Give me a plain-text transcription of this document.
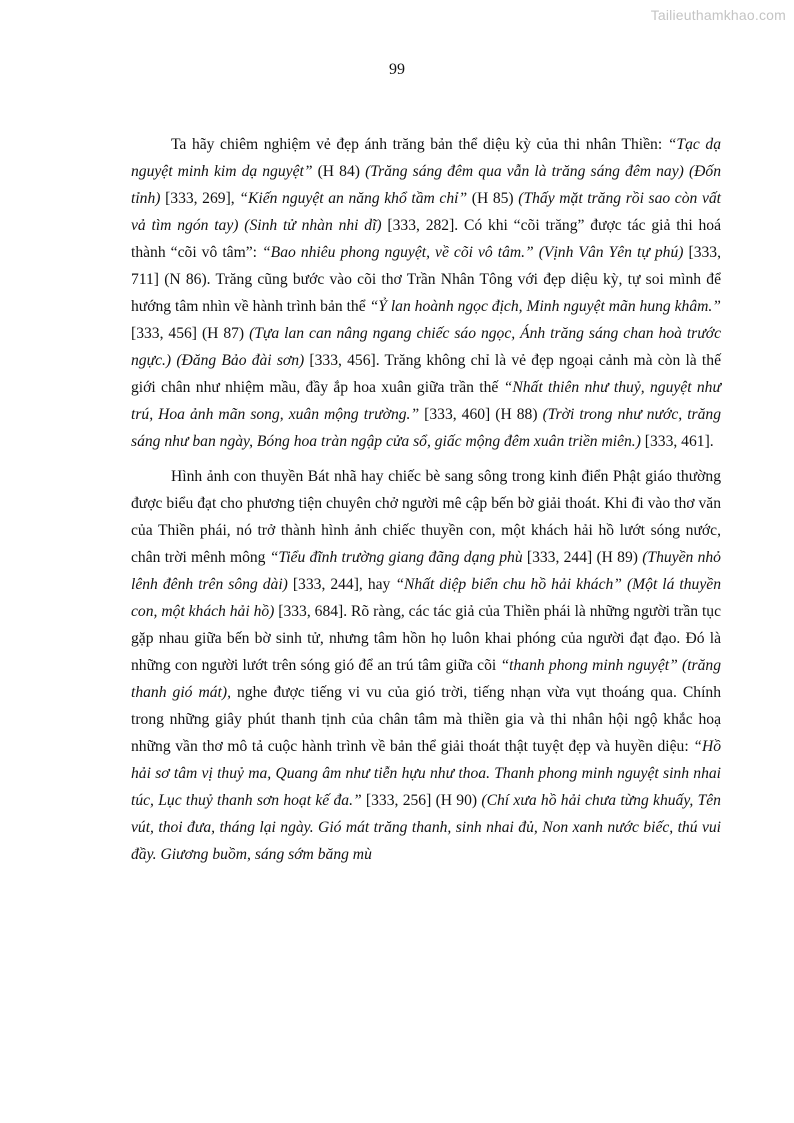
Tailieuthamkhao.com
99

Ta hãy chiêm nghiệm vẻ đẹp ánh trăng bản thể diệu kỳ của thi nhân Thiền: “Tạc dạ nguyệt minh kim dạ nguyệt” (H 84) (Trăng sáng đêm qua vẫn là trăng sáng đêm nay) (Đốn tỉnh) [333, 269], “Kiến nguyệt an năng khổ tầm chỉ” (H 85) (Thấy mặt trăng rồi sao còn vất vả tìm ngón tay) (Sinh tử nhàn nhi dĩ) [333, 282]. Có khi “cõi trăng” được tác giả thi hoá thành “cõi vô tâm”: “Bao nhiêu phong nguyệt, về cõi vô tâm.” (Vịnh Vân Yên tự phú) [333, 711] (N 86). Trăng cũng bước vào cõi thơ Trần Nhân Tông với đẹp diệu kỳ, tự soi mình để hướng tâm nhìn về hành trình bản thể “Ỷ lan hoành ngọc địch, Minh nguyệt mãn hung khâm.” [333, 456] (H 87) (Tựa lan can nâng ngang chiếc sáo ngọc, Ánh trăng sáng chan hoà trước ngực.) (Đăng Bảo đài sơn) [333, 456]. Trăng không chỉ là vẻ đẹp ngoại cảnh mà còn là thế giới chân như nhiệm mầu, đầy ắp hoa xuân giữa trần thế “Nhất thiên như thuỷ, nguyệt như trú, Hoa ảnh mãn song, xuân mộng trường.” [333, 460] (H 88) (Trời trong như nước, trăng sáng như ban ngày, Bóng hoa tràn ngập cửa sổ, giấc mộng đêm xuân triền miên.) [333, 461].

Hình ảnh con thuyền Bát nhã hay chiếc bè sang sông trong kinh điển Phật giáo thường được biểu đạt cho phương tiện chuyên chở người mê cập bến bờ giải thoát. Khi đi vào thơ văn của Thiền phái, nó trở thành hình ảnh chiếc thuyền con, một khách hải hồ lướt sóng nước, chân trời mênh mông “Tiểu đĩnh trường giang đãng dạng phù [333, 244] (H 89) (Thuyền nhỏ lênh đênh trên sông dài) [333, 244], hay “Nhất diệp biển chu hồ hải khách” (Một lá thuyền con, một khách hải hồ) [333, 684]. Rõ ràng, các tác giả của Thiền phái là những người trần tục gặp nhau giữa bến bờ sinh tử, nhưng tâm hồn họ luôn khai phóng của người đạt đạo. Đó là những con người lướt trên sóng gió để an trú tâm giữa cõi “thanh phong minh nguyệt” (trăng thanh gió mát), nghe được tiếng vi vu của gió trời, tiếng nhạn vừa vụt thoáng qua. Chính trong những giây phút thanh tịnh của chân tâm mà thiền gia và thi nhân hội ngộ khắc hoạ những vần thơ mô tả cuộc hành trình về bản thể giải thoát thật tuyệt đẹp và huyền diệu: “Hồ hải sơ tâm vị thuỷ ma, Quang âm như tiễn hựu như thoa. Thanh phong minh nguyệt sinh nhai túc, Lục thuỷ thanh sơn hoạt kế đa.” [333, 256] (H 90) (Chí xưa hồ hải chưa từng khuấy, Tên vút, thoi đưa, tháng lại ngày. Gió mát trăng thanh, sinh nhai đủ, Non xanh nước biếc, thú vui đầy. Giương buồm, sáng sớm băng mù
